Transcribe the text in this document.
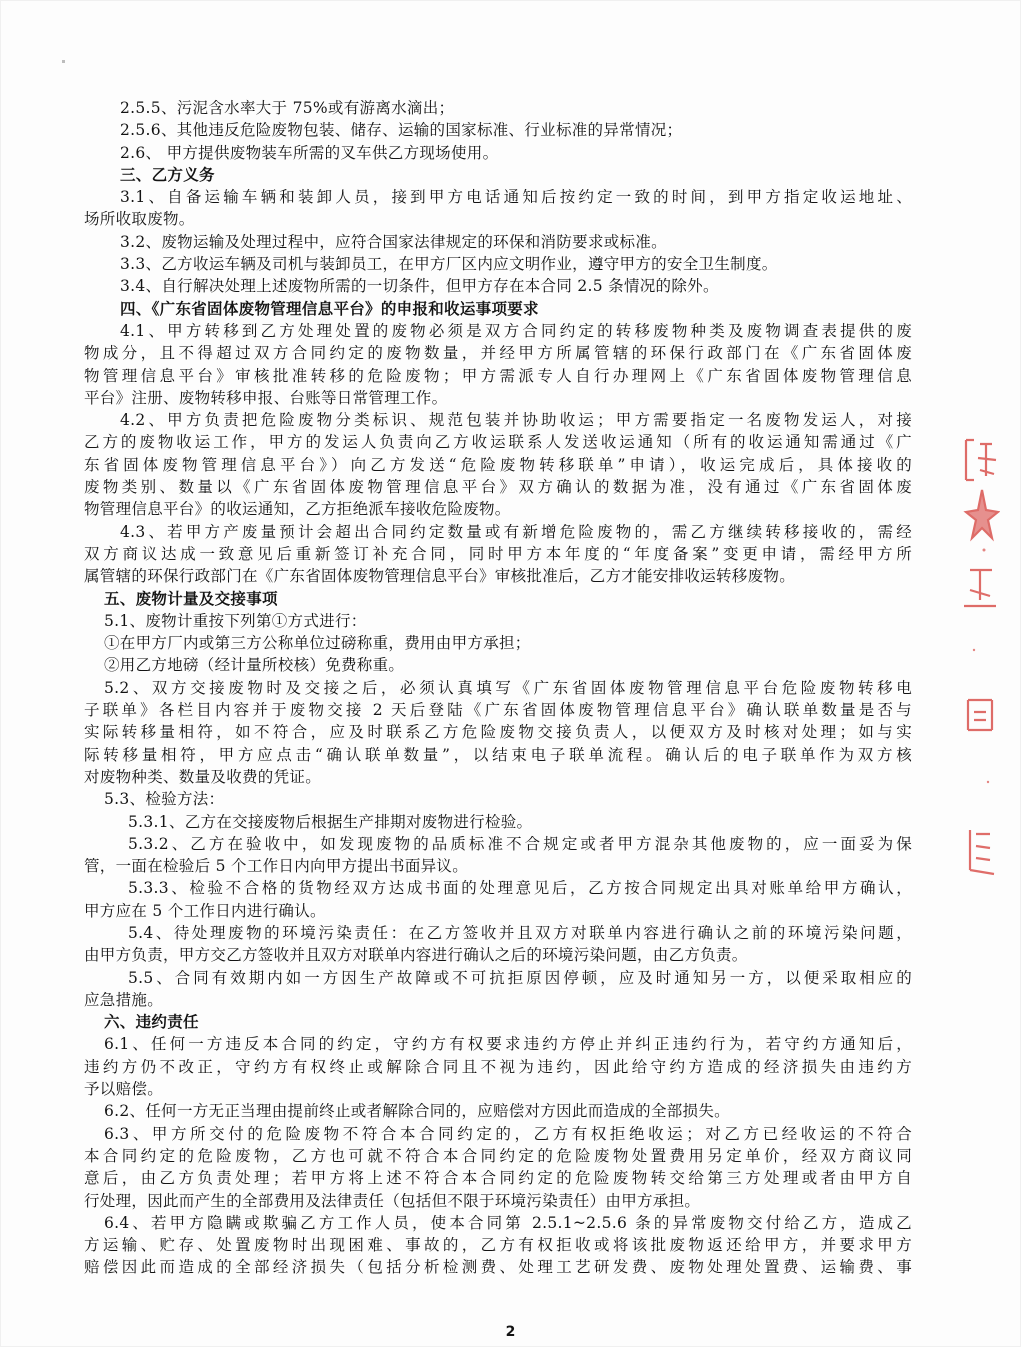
2.5.5、污泥含水率大于 75%或有游离水滴出；
2.5.6、其他违反危险废物包装、储存、运输的国家标准、行业标准的异常情况；
2.6、 甲方提供废物装车所需的叉车供乙方现场使用。
三、乙方义务
3.1、自备运输车辆和装卸人员，接到甲方电话通知后按约定一致的时间，到甲方指定收运地址、
场所收取废物。
3.2、废物运输及处理过程中，应符合国家法律规定的环保和消防要求或标准。
3.3、乙方收运车辆及司机与装卸员工，在甲方厂区内应文明作业，遵守甲方的安全卫生制度。
3.4、自行解决处理上述废物所需的一切条件，但甲方存在本合同 2.5 条情况的除外。
四、《广东省固体废物管理信息平台》的申报和收运事项要求
4.1、甲方转移到乙方处理处置的废物必须是双方合同约定的转移废物种类及废物调查表提供的废
物成分，且不得超过双方合同约定的废物数量，并经甲方所属管辖的环保行政部门在《广东省固体废
物管理信息平台》审核批准转移的危险废物；甲方需派专人自行办理网上《广东省固体废物管理信息
平台》注册、废物转移申报、台账等日常管理工作。
4.2、甲方负责把危险废物分类标识、规范包装并协助收运；甲方需要指定一名废物发运人，对接
乙方的废物收运工作，甲方的发运人负责向乙方收运联系人发送收运通知（所有的收运通知需通过《广
东省固体废物管理信息平台》）向乙方发送“危险废物转移联单”申请），收运完成后，具体接收的
废物类别、数量以《广东省固体废物管理信息平台》双方确认的数据为准，没有通过《广东省固体废
物管理信息平台》的收运通知，乙方拒绝派车接收危险废物。
4.3、若甲方产废量预计会超出合同约定数量或有新增危险废物的，需乙方继续转移接收的，需经
双方商议达成一致意见后重新签订补充合同，同时甲方本年度的“年度备案”变更申请，需经甲方所
属管辖的环保行政部门在《广东省固体废物管理信息平台》审核批准后，乙方才能安排收运转移废物。
五、废物计量及交接事项
5.1、废物计重按下列第①方式进行：
①在甲方厂内或第三方公称单位过磅称重，费用由甲方承担；
②用乙方地磅（经计量所校核）免费称重。
5.2、双方交接废物时及交接之后，必须认真填写《广东省固体废物管理信息平台危险废物转移电
子联单》各栏目内容并于废物交接 2 天后登陆《广东省固体废物管理信息平台》确认联单数量是否与
实际转移量相符，如不符合，应及时联系乙方危险废物交接负责人，以便双方及时核对处理；如与实
际转移量相符，甲方应点击“确认联单数量”，以结束电子联单流程。确认后的电子联单作为双方核
对废物种类、数量及收费的凭证。
5.3、检验方法：
5.3.1、乙方在交接废物后根据生产排期对废物进行检验。
5.3.2、乙方在验收中，如发现废物的品质标准不合规定或者甲方混杂其他废物的，应一面妥为保
管，一面在检验后 5 个工作日内向甲方提出书面异议。
5.3.3、检验不合格的货物经双方达成书面的处理意见后，乙方按合同规定出具对账单给甲方确认，
甲方应在 5 个工作日内进行确认。
5.4、待处理废物的环境污染责任：在乙方签收并且双方对联单内容进行确认之前的环境污染问题，
由甲方负责，甲方交乙方签收并且双方对联单内容进行确认之后的环境污染问题，由乙方负责。
5.5、合同有效期内如一方因生产故障或不可抗拒原因停顿，应及时通知另一方，以便采取相应的
应急措施。
六、违约责任
6.1、任何一方违反本合同的约定，守约方有权要求违约方停止并纠正违约行为，若守约方通知后，
违约方仍不改正，守约方有权终止或解除合同且不视为违约，因此给守约方造成的经济损失由违约方
予以赔偿。
6.2、任何一方无正当理由提前终止或者解除合同的，应赔偿对方因此而造成的全部损失。
6.3、甲方所交付的危险废物不符合本合同约定的，乙方有权拒绝收运；对乙方已经收运的不符合
本合同约定的危险废物，乙方也可就不符合本合同约定的危险废物处置费用另定单价，经双方商议同
意后，由乙方负责处理；若甲方将上述不符合本合同约定的危险废物转交给第三方处理或者由甲方自
行处理，因此而产生的全部费用及法律责任（包括但不限于环境污染责任）由甲方承担。
6.4、若甲方隐瞒或欺骗乙方工作人员，使本合同第 2.5.1~2.5.6 条的异常废物交付给乙方，造成乙
方运输、贮存、处置废物时出现困难、事故的，乙方有权拒收或将该批废物返还给甲方，并要求甲方
赔偿因此而造成的全部经济损失（包括分析检测费、处理工艺研发费、废物处理处置费、运输费、事
2
